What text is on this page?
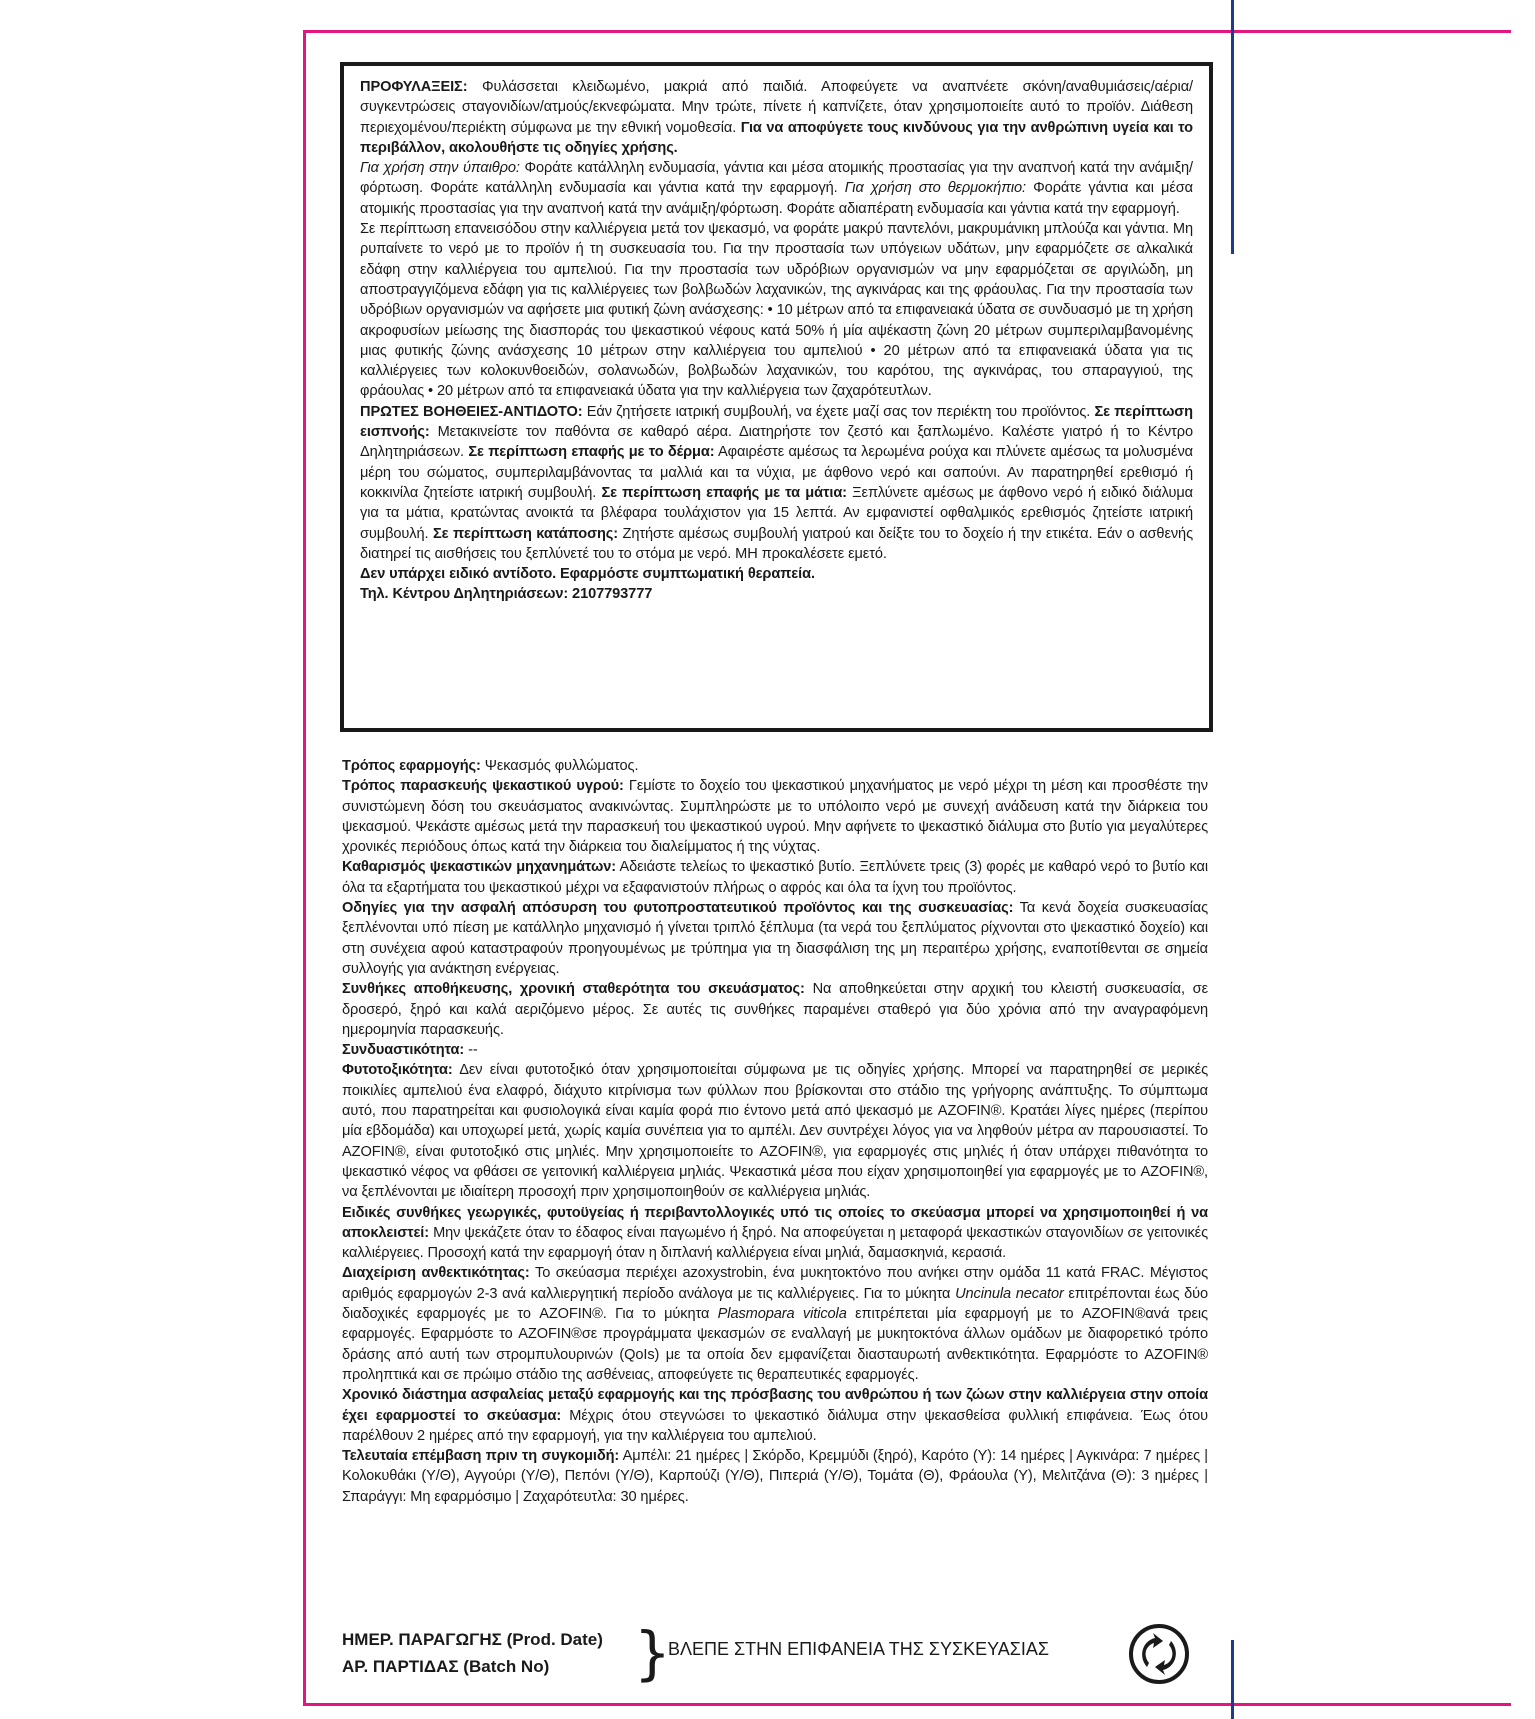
ΠΡΟΦΥΛΑΞΕΙΣ: Φυλάσσεται κλειδωμένο, μακριά από παιδιά. Αποφεύγετε να αναπνέετε σκόνη/αναθυμιάσεις/αέρια/συγκεντρώσεις σταγονιδίων/ατμούς/εκνεφώματα. Μην τρώτε, πίνετε ή καπνίζετε, όταν χρησιμοποιείτε αυτό το προϊόν. Διάθεση περιεχομένου/περιέκτη σύμφωνα με την εθνική νομοθεσία. Για να αποφύγετε τους κινδύνους για την ανθρώπινη υγεία και το περιβάλλον, ακολουθήστε τις οδηγίες χρήσης.

Για χρήση στην ύπαιθρο: Φοράτε κατάλληλη ενδυμασία, γάντια και μέσα ατομικής προστασίας για την αναπνοή κατά την ανάμιξη/φόρτωση. Φοράτε κατάλληλη ενδυμασία και γάντια κατά την εφαρμογή. Για χρήση στο θερμοκήπιο: Φοράτε γάντια και μέσα ατομικής προστασίας για την αναπνοή κατά την ανάμιξη/φόρτωση. Φοράτε αδιαπέρατη ενδυμασία και γάντια κατά την εφαρμογή.

Σε περίπτωση επανεισόδου στην καλλιέργεια μετά τον ψεκασμό, να φοράτε μακρύ παντελόνι, μακρυμάνικη μπλούζα και γάντια. Μη ρυπαίνετε το νερό με το προϊόν ή τη συσκευασία του. Για την προστασία των υπόγειων υδάτων, μην εφαρμόζετε σε αλκαλικά εδάφη στην καλλιέργεια του αμπελιού. Για την προστασία των υδρόβιων οργανισμών να μην εφαρμόζεται σε αργιλώδη, μη αποστραγγιζόμενα εδάφη για τις καλλιέργειες των βολβωδών λαχανικών, της αγκινάρας και της φράουλας. Για την προστασία των υδρόβιων οργανισμών να αφήσετε μια φυτική ζώνη ανάσχεσης: • 10 μέτρων από τα επιφανειακά ύδατα σε συνδυασμό με τη χρήση ακροφυσίων μείωσης της διασποράς του ψεκαστικού νέφους κατά 50% ή μία αψέκαστη ζώνη 20 μέτρων συμπεριλαμβανομένης μιας φυτικής ζώνης ανάσχεσης 10 μέτρων στην καλλιέργεια του αμπελιού • 20 μέτρων από τα επιφανειακά ύδατα για τις καλλιέργειες των κολοκυνθοειδών, σολανωδών, βολβωδών λαχανικών, του καρότου, της αγκινάρας, του σπαραγγιού, της φράουλας • 20 μέτρων από τα επιφανειακά ύδατα για την καλλιέργεια των ζαχαρότευτλων.

ΠΡΩΤΕΣ ΒΟΗΘΕΙΕΣ-ΑΝΤΙΔΟΤΟ: Εάν ζητήσετε ιατρική συμβουλή, να έχετε μαζί σας τον περιέκτη του προϊόντος. Σε περίπτωση εισπνοής: Μετακινείστε τον παθόντα σε καθαρό αέρα. Διατηρήστε τον ζεστό και ξαπλωμένο. Καλέστε γιατρό ή το Κέντρο Δηλητηριάσεων. Σε περίπτωση επαφής με το δέρμα: Αφαιρέστε αμέσως τα λερωμένα ρούχα και πλύνετε αμέσως τα μολυσμένα μέρη του σώματος, συμπεριλαμβάνοντας τα μαλλιά και τα νύχια, με άφθονο νερό και σαπούνι. Αν παρατηρηθεί ερεθισμό ή κοκκινίλα ζητείστε ιατρική συμβουλή. Σε περίπτωση επαφής με τα μάτια: Ξεπλύνετε αμέσως με άφθονο νερό ή ειδικό διάλυμα για τα μάτια, κρατώντας ανοικτά τα βλέφαρα τουλάχιστον για 15 λεπτά. Αν εμφανιστεί οφθαλμικός ερεθισμός ζητείστε ιατρική συμβουλή. Σε περίπτωση κατάποσης: Ζητήστε αμέσως συμβουλή γιατρού και δείξτε του το δοχείο ή την ετικέτα. Εάν ο ασθενής διατηρεί τις αισθήσεις του ξεπλύνετέ του το στόμα με νερό. ΜΗ προκαλέσετε εμετό.

Δεν υπάρχει ειδικό αντίδοτο. Εφαρμόστε συμπτωματική θεραπεία.

Τηλ. Κέντρου Δηλητηριάσεων: 2107793777

Τρόπος εφαρμογής: Ψεκασμός φυλλώματος.

Τρόπος παρασκευής ψεκαστικού υγρού: Γεμίστε το δοχείο του ψεκαστικού μηχανήματος με νερό μέχρι τη μέση και προσθέστε την συνιστώμενη δόση του σκευάσματος ανακινώντας. Συμπληρώστε με το υπόλοιπο νερό με συνεχή ανάδευση κατά την διάρκεια του ψεκασμού. Ψεκάστε αμέσως μετά την παρασκευή του ψεκαστικού υγρού. Μην αφήνετε το ψεκαστικό διάλυμα στο βυτίο για μεγαλύτερες χρονικές περιόδους όπως κατά την διάρκεια του διαλείμματος ή της νύχτας.

Καθαρισμός ψεκαστικών μηχανημάτων: Αδειάστε τελείως το ψεκαστικό βυτίο. Ξεπλύνετε τρεις (3) φορές με καθαρό νερό το βυτίο και όλα τα εξαρτήματα του ψεκαστικού μέχρι να εξαφανιστούν πλήρως ο αφρός και όλα τα ίχνη του προϊόντος.

Οδηγίες για την ασφαλή απόσυρση του φυτοπροστατευτικού προϊόντος και της συσκευασίας: Τα κενά δοχεία συσκευασίας ξεπλένονται υπό πίεση με κατάλληλο μηχανισμό ή γίνεται τριπλό ξέπλυμα (τα νερά του ξεπλύματος ρίχνονται στο ψεκαστικό δοχείο) και στη συνέχεια αφού καταστραφούν προηγουμένως με τρύπημα για τη διασφάλιση της μη περαιτέρω χρήσης, εναποτίθενται σε σημεία συλλογής για ανάκτηση ενέργειας.

Συνθήκες αποθήκευσης, χρονική σταθερότητα του σκευάσματος: Να αποθηκεύεται στην αρχική του κλειστή συσκευασία, σε δροσερό, ξηρό και καλά αεριζόμενο μέρος. Σε αυτές τις συνθήκες παραμένει σταθερό για δύο χρόνια από την αναγραφόμενη ημερομηνία παρασκευής.

Συνδυαστικότητα: --

Φυτοτοξικότητα: Δεν είναι φυτοτοξικό όταν χρησιμοποιείται σύμφωνα με τις οδηγίες χρήσης. Μπορεί να παρατηρηθεί σε μερικές ποικιλίες αμπελιού ένα ελαφρό, διάχυτο κιτρίνισμα των φύλλων που βρίσκονται στο στάδιο της γρήγορης ανάπτυξης. Το σύμπτωμα αυτό, που παρατηρείται και φυσιολογικά είναι καμία φορά πιο έντονο μετά από ψεκασμό με AZOFIN®. Κρατάει λίγες ημέρες (περίπου μία εβδομάδα) και υποχωρεί μετά, χωρίς καμία συνέπεια για το αμπέλι. Δεν συντρέχει λόγος για να ληφθούν μέτρα αν παρουσιαστεί. Το AZOFIN®, είναι φυτοτοξικό στις μηλιές. Μην χρησιμοποιείτε το AZOFIN®, για εφαρμογές στις μηλιές ή όταν υπάρχει πιθανότητα το ψεκαστικό νέφος να φθάσει σε γειτονική καλλιέργεια μηλιάς. Ψεκαστικά μέσα που είχαν χρησιμοποιηθεί για εφαρμογές με το AZOFIN®, να ξεπλένονται με ιδιαίτερη προσοχή πριν χρησιμοποιηθούν σε καλλιέργεια μηλιάς.

Ειδικές συνθήκες γεωργικές, φυτοϋγείας ή περιβαντολλογικές υπό τις οποίες το σκεύασμα μπορεί να χρησιμοποιηθεί ή να αποκλειστεί: Μην ψεκάζετε όταν το έδαφος είναι παγωμένο ή ξηρό. Να αποφεύγεται η μεταφορά ψεκαστικών σταγονιδίων σε γειτονικές καλλιέργειες. Προσοχή κατά την εφαρμογή όταν η διπλανή καλλιέργεια είναι μηλιά, δαμασκηνιά, κερασιά.

Διαχείριση ανθεκτικότητας: Το σκεύασμα περιέχει azoxystrobin, ένα μυκητοκτόνο που ανήκει στην ομάδα 11 κατά FRAC. Μέγιστος αριθμός εφαρμογών 2-3 ανά καλλιεργητική περίοδο ανάλογα με τις καλλιέργειες. Για το μύκητα Uncinula necator επιτρέπονται έως δύο διαδοχικές εφαρμογές με το AZOFIN®. Για το μύκητα Plasmopara viticola επιτρέπεται μία εφαρμογή με το AZOFIN®ανά τρεις εφαρμογές. Εφαρμόστε το AZOFIN®σε προγράμματα ψεκασμών σε εναλλαγή με μυκητοκτόνα άλλων ομάδων με διαφορετικό τρόπο δράσης από αυτή των στρομπυλουρινών (QoIs) με τα οποία δεν εμφανίζεται διασταυρωτή ανθεκτικότητα. Εφαρμόστε το AZOFIN® προληπτικά και σε πρώιμο στάδιο της ασθένειας, αποφεύγετε τις θεραπευτικές εφαρμογές.

Χρονικό διάστημα ασφαλείας μεταξύ εφαρμογής και της πρόσβασης του ανθρώπου ή των ζώων στην καλλιέργεια στην οποία έχει εφαρμοστεί το σκεύασμα: Μέχρις ότου στεγνώσει το ψεκαστικό διάλυμα στην ψεκασθείσα φυλλική επιφάνεια. Έως ότου παρέλθουν 2 ημέρες από την εφαρμογή, για την καλλιέργεια του αμπελιού.

Τελευταία επέμβαση πριν τη συγκομιδή: Αμπέλι: 21 ημέρες | Σκόρδο, Κρεμμύδι (ξηρό), Καρότο (Υ): 14 ημέρες | Αγκινάρα: 7 ημέρες | Κολοκυθάκι (Υ/Θ), Αγγούρι (Υ/Θ), Πεπόνι (Υ/Θ), Καρπούζι (Υ/Θ), Πιπεριά (Υ/Θ), Τομάτα (Θ), Φράουλα (Υ), Μελιτζάνα (Θ): 3 ημέρες | Σπαράγγι: Μη εφαρμόσιμο | Ζαχαρότευτλα: 30 ημέρες.

ΗΜΕΡ. ΠΑΡΑΓΩΓΗΣ (Prod. Date)
ΑΡ. ΠΑΡΤΙΔΑΣ (Batch No)	}
ΒΛΕΠΕ ΣΤΗΝ ΕΠΙΦΑΝΕΙΑ ΤΗΣ ΣΥΣΚΕΥΑΣΙΑΣ
